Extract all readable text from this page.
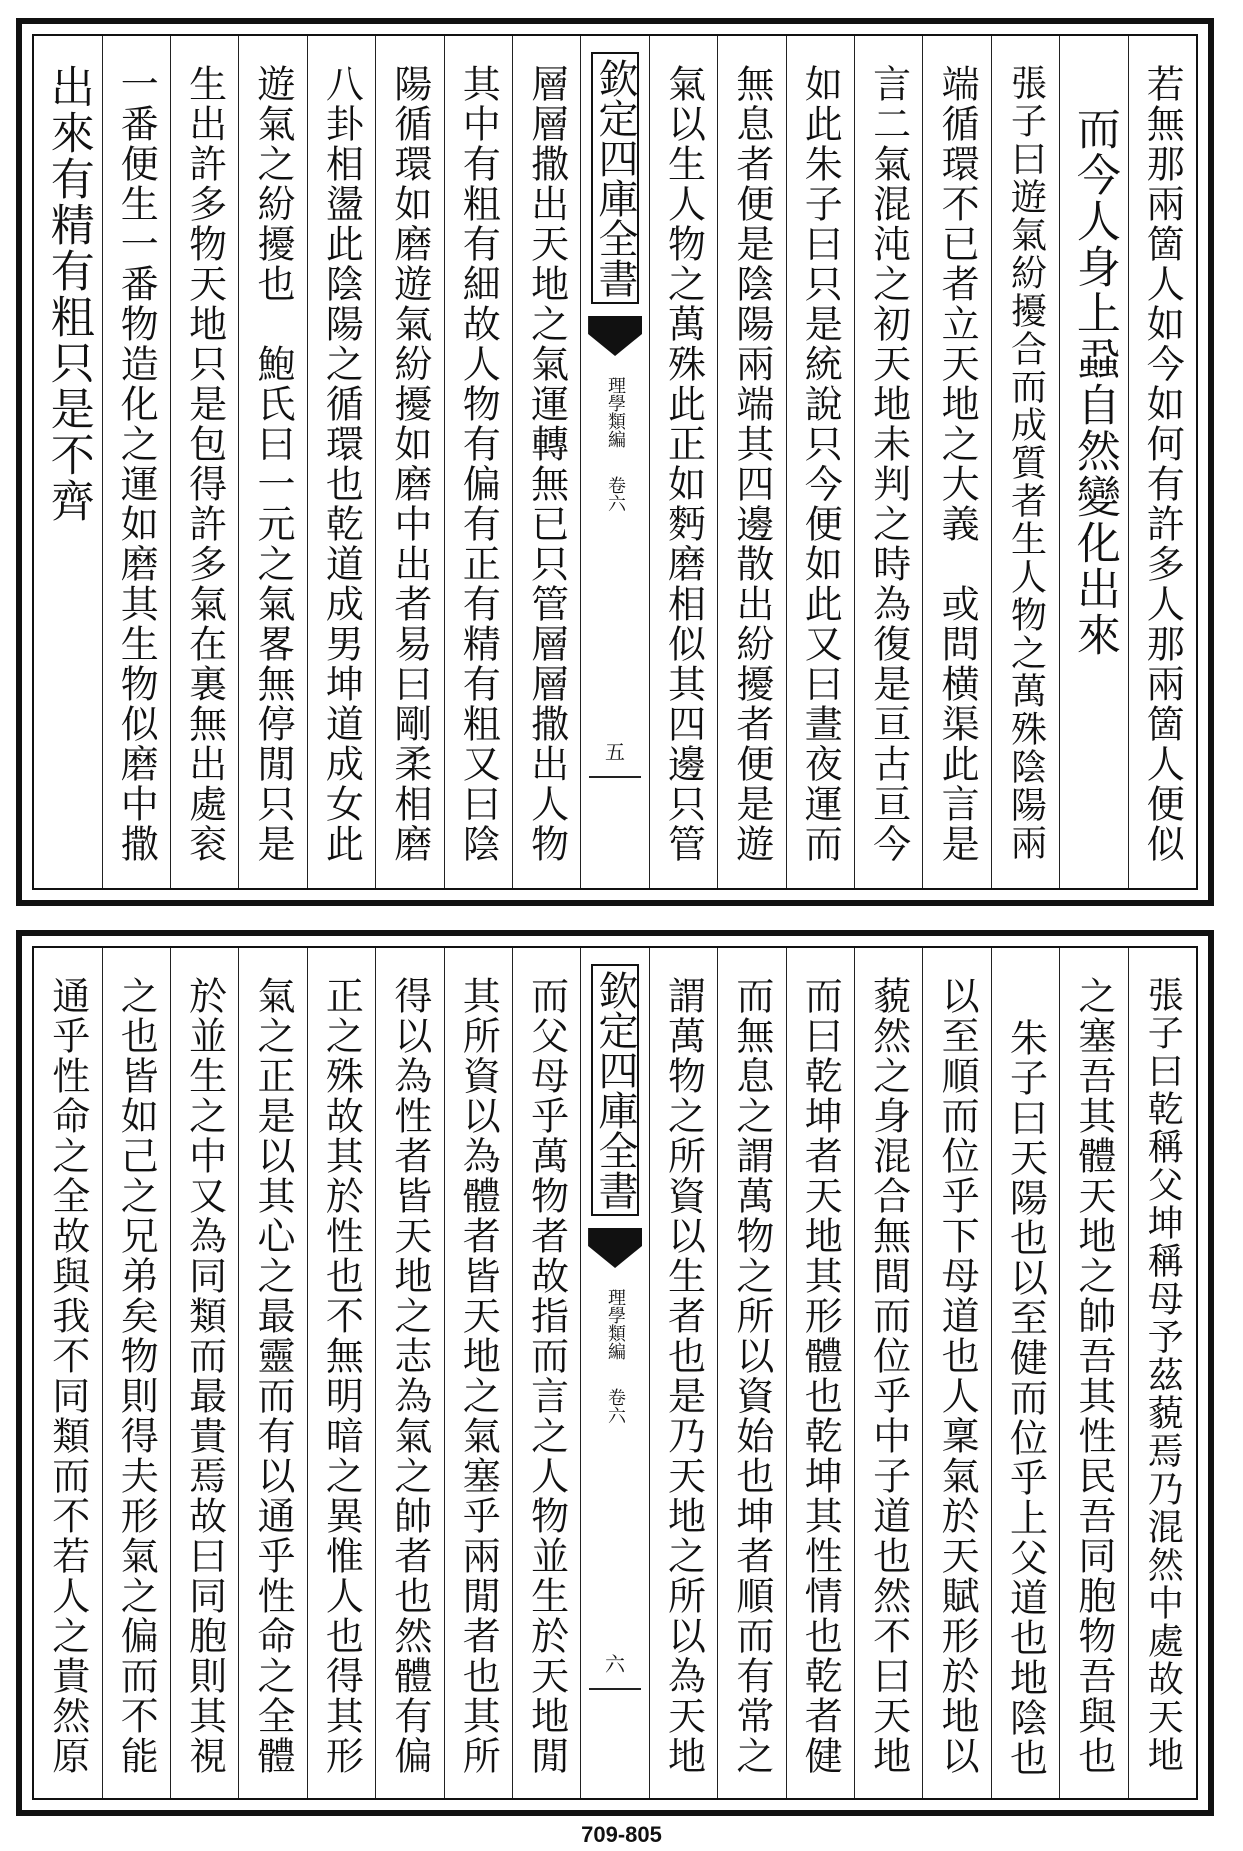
若無那兩箇人如今如何有許多人那兩箇人便似
而今人身上蝨自然變化出來
張子曰遊氣紛擾合而成質者生人物之萬殊陰陽兩
端循環不已者立天地之大義　或問横渠此言是
言二氣混沌之初天地未判之時為復是亘古亘今
如此朱子曰只是統說只今便如此又曰晝夜運而
無息者便是陰陽兩端其四邊散出紛擾者便是遊
氣以生人物之萬殊此正如麪磨相似其四邊只管
欽定四庫全書
理學類編
卷六
五
層層撒出天地之氣運轉無已只管層層撒出人物
其中有粗有細故人物有偏有正有精有粗又曰陰
陽循環如磨遊氣紛擾如磨中出者易曰剛柔相磨
八卦相盪此陰陽之循環也乾道成男坤道成女此
遊氣之紛擾也　鮑氏曰一元之氣畧無停閒只是
生出許多物天地只是包得許多氣在裏無出處衮
一番便生一番物造化之運如磨其生物似磨中撒
出來有精有粗只是不齊
張子曰乾稱父坤稱母予茲藐焉乃混然中處故天地
之塞吾其體天地之帥吾其性民吾同胞物吾與也
朱子曰天陽也以至健而位乎上父道也地陰也
以至順而位乎下母道也人稟氣於天賦形於地以
藐然之身混合無間而位乎中子道也然不曰天地
而曰乾坤者天地其形體也乾坤其性情也乾者健
而無息之謂萬物之所以資始也坤者順而有常之
謂萬物之所資以生者也是乃天地之所以為天地
欽定四庫全書
理學類編
卷六
六
而父母乎萬物者故指而言之人物並生於天地閒
其所資以為體者皆天地之氣塞乎兩閒者也其所
得以為性者皆天地之志為氣之帥者也然體有偏
正之殊故其於性也不無明暗之異惟人也得其形
氣之正是以其心之最靈而有以通乎性命之全體
於並生之中又為同類而最貴焉故曰同胞則其視
之也皆如己之兄弟矣物則得夫形氣之偏而不能
通乎性命之全故與我不同類而不若人之貴然原
709-805
